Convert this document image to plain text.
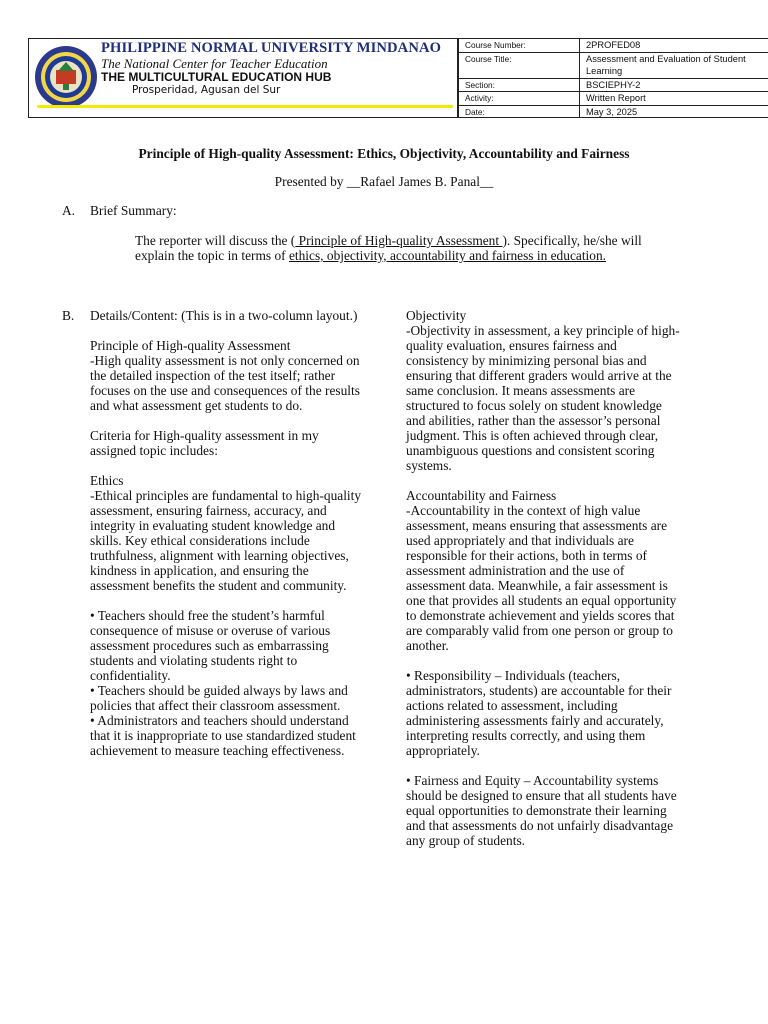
PHILIPPINE NORMAL UNIVERSITY MINDANAO
The National Center for Teacher Education
THE MULTICULTURAL EDUCATION HUB
Prosperidad, Agusan del Sur
Course Number:	2PROFED08
Course Title:	Assessment and Evaluation of Student Learning
Section:	BSCIEPHY-2
Activity:	Written Report
Date:	May 3, 2025
Principle of High-quality Assessment: Ethics, Objectivity, Accountability and Fairness
Presented by __Rafael James B. Panal__
A. Brief Summary:
The reporter will discuss the ( Principle of High-quality Assessment ). Specifically, he/she will explain the topic in terms of ethics, objectivity, accountability and fairness in education.
B. Details/Content: (This is in a two-column layout.)

Principle of High-quality Assessment

-High quality assessment is not only concerned on the detailed inspection of the test itself; rather focuses on the use and consequences of the results and what assessment get students to do.

Criteria for High-quality assessment in my assigned topic includes:

Ethics

-Ethical principles are fundamental to high-quality assessment, ensuring fairness, accuracy, and integrity in evaluating student knowledge and skills. Key ethical considerations include truthfulness, alignment with learning objectives, kindness in application, and ensuring the assessment benefits the student and community.

• Teachers should free the student’s harmful consequence of misuse or overuse of various assessment procedures such as embarrassing students and violating students right to confidentiality.

• Teachers should be guided always by laws and policies that affect their classroom assessment.

• Administrators and teachers should understand that it is inappropriate to use standardized student achievement to measure teaching effectiveness.

Objectivity

-Objectivity in assessment, a key principle of high-quality evaluation, ensures fairness and consistency by minimizing personal bias and ensuring that different graders would arrive at the same conclusion. It means assessments are structured to focus solely on student knowledge and abilities, rather than the assessor’s personal judgment. This is often achieved through clear, unambiguous questions and consistent scoring systems.

Accountability and Fairness

-Accountability in the context of high value assessment, means ensuring that assessments are used appropriately and that individuals are responsible for their actions, both in terms of assessment administration and the use of assessment data. Meanwhile, a fair assessment is one that provides all students an equal opportunity to demonstrate achievement and yields scores that are comparably valid from one person or group to another.

• Responsibility – Individuals (teachers, administrators, students) are accountable for their actions related to assessment, including administering assessments fairly and accurately, interpreting results correctly, and using them appropriately.

• Fairness and Equity – Accountability systems should be designed to ensure that all students have equal opportunities to demonstrate their learning and that assessments do not unfairly disadvantage any group of students.
